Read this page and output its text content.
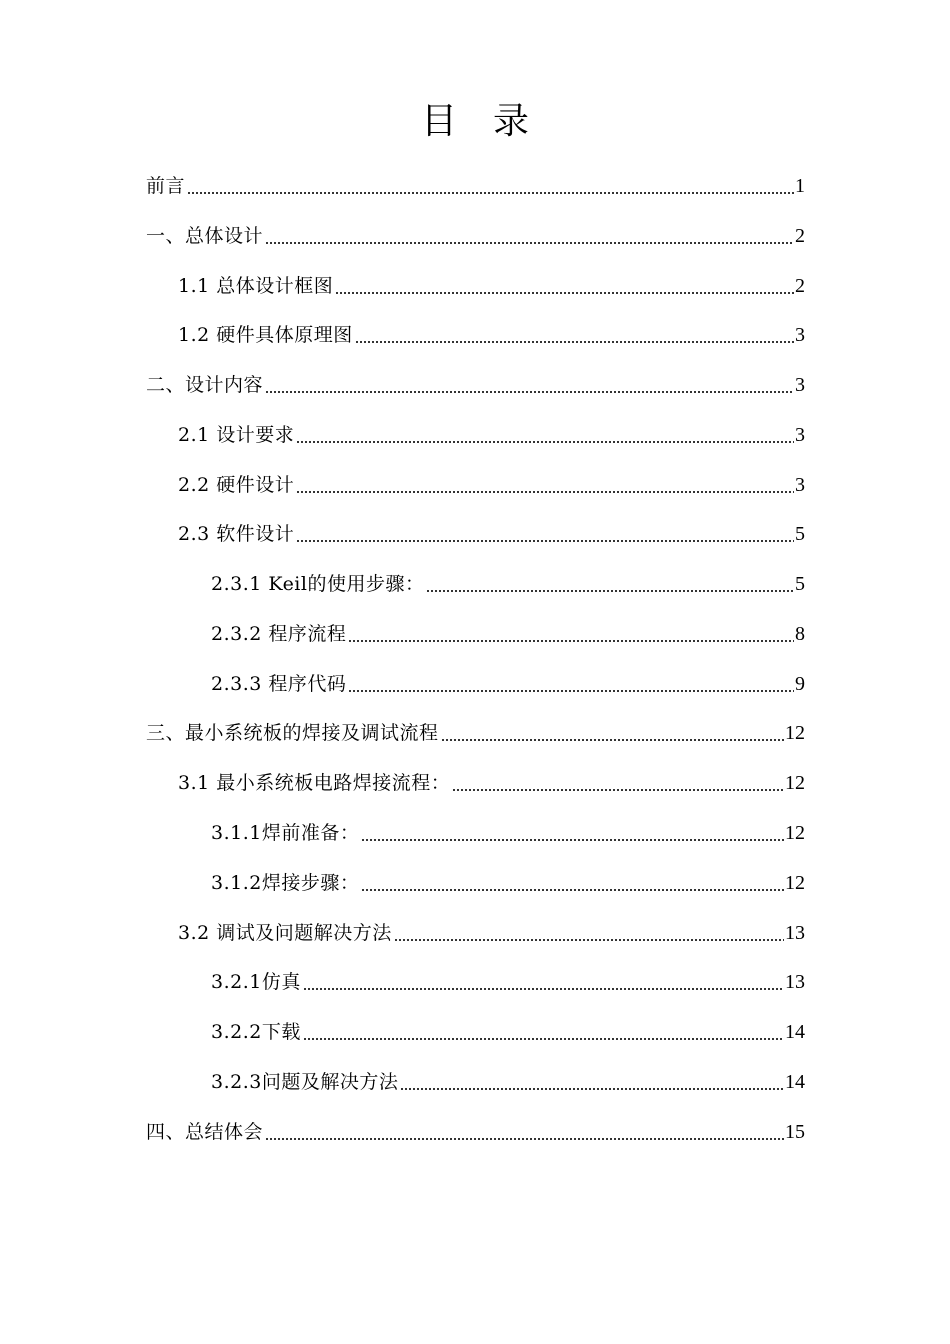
目　录
前言	1
一、总体设计	2
1.1 总体设计框图	2
1.2 硬件具体原理图	3
二、设计内容	3
2.1 设计要求	3
2.2 硬件设计	3
2.3 软件设计	5
2.3.1 Keil的使用步骤：	5
2.3.2 程序流程	8
2.3.3 程序代码	9
三、最小系统板的焊接及调试流程	12
3.1 最小系统板电路焊接流程：	12
3.1.1焊前准备：	12
3.1.2焊接步骤：	12
3.2 调试及问题解决方法	13
3.2.1仿真	13
3.2.2下载	14
3.2.3问题及解决方法	14
四、总结体会	15
